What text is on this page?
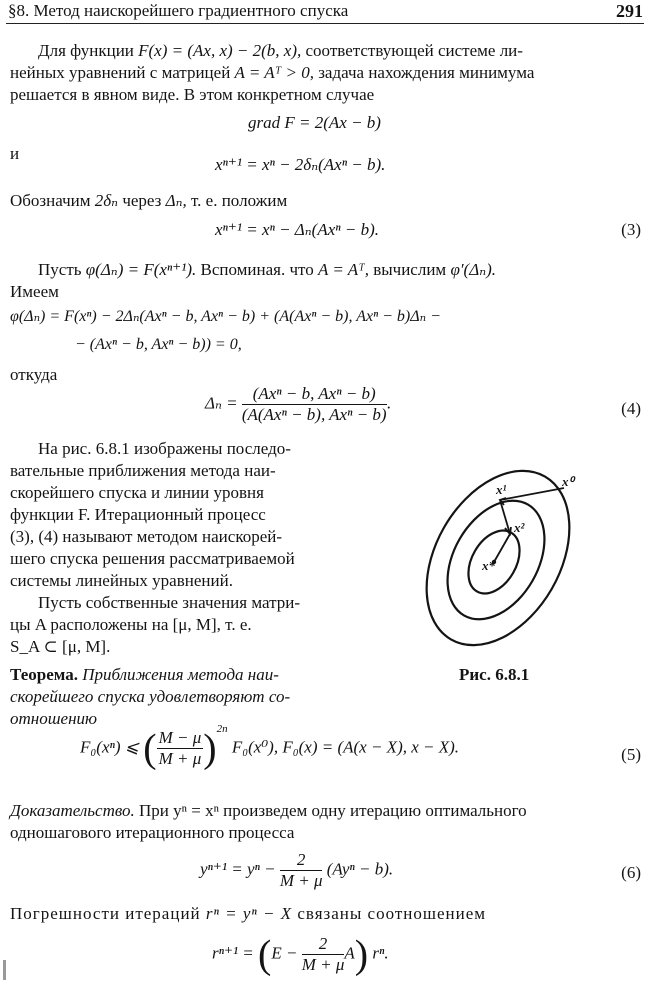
§8. Метод наискорейшего градиентного спуска	291
Для функции F(x) = (Ax, x) − 2(b, x), соответствующей системе ли-
нейных уравнений с матрицей A = Aᵀ > 0, задача нахождения минимума
решается в явном виде. В этом конкретном случае
grad F = 2(Ax − b)
и
xⁿ⁺¹ = xⁿ − 2δₙ(Axⁿ − b).
Обозначим 2δₙ через Δₙ, т. е. положим
xⁿ⁺¹ = xⁿ − Δₙ(Axⁿ − b).	(3)
Пусть φ(Δₙ) = F(xⁿ⁺¹). Вспоминая. что A = Aᵀ, вычислим φ′(Δₙ).
Имеем
φ(Δₙ) = F(xⁿ) − 2Δₙ(Axⁿ − b, Axⁿ − b) + (A(Axⁿ − b), Axⁿ − b)Δₙ −
− (Axⁿ − b, Axⁿ − b)) = 0,
откуда
$\Delta_n = \frac{\text{(Axⁿ − b, Axⁿ − b)}}{\text{(A(Axⁿ − b), Axⁿ − b)}}$ .	(4)
На рис. 6.8.1 изображены последо-
вательные приближения метода наи-
скорейшего спуска и линии уровня
функции F. Итерационный процесс
(3), (4) называют методом наискорей-
шего спуска решения рассматриваемой
системы линейных уравнений.
Пусть собственные значения матри-
цы A расположены на [μ, M], т. е.
S_A ⊂ [μ, M].
x⁰
x¹
x²
x*
Рис. 6.8.1
Теорема. Приближения метода наи-
скорейшего спуска удовлетворяют со-
отношению
F₀(xⁿ) ⩽ ( $\frac{M - \mu}{M + \mu} )^{2n}$ F₀(x⁰), F₀(x) = (A(x − X), x − X).	(5)
Доказательство. При yⁿ = xⁿ произведем одну итерацию оптимального
одношагового итерационного процесса
$y^{n+1} = y^n - \frac{2}{M + \mu} (Ay^n - b)$.	(6)
Погрешности итераций rⁿ = yⁿ − X связаны соотношением
$r^{n+1} = (E - \frac{2}{M + \mu} A)$ rⁿ.
